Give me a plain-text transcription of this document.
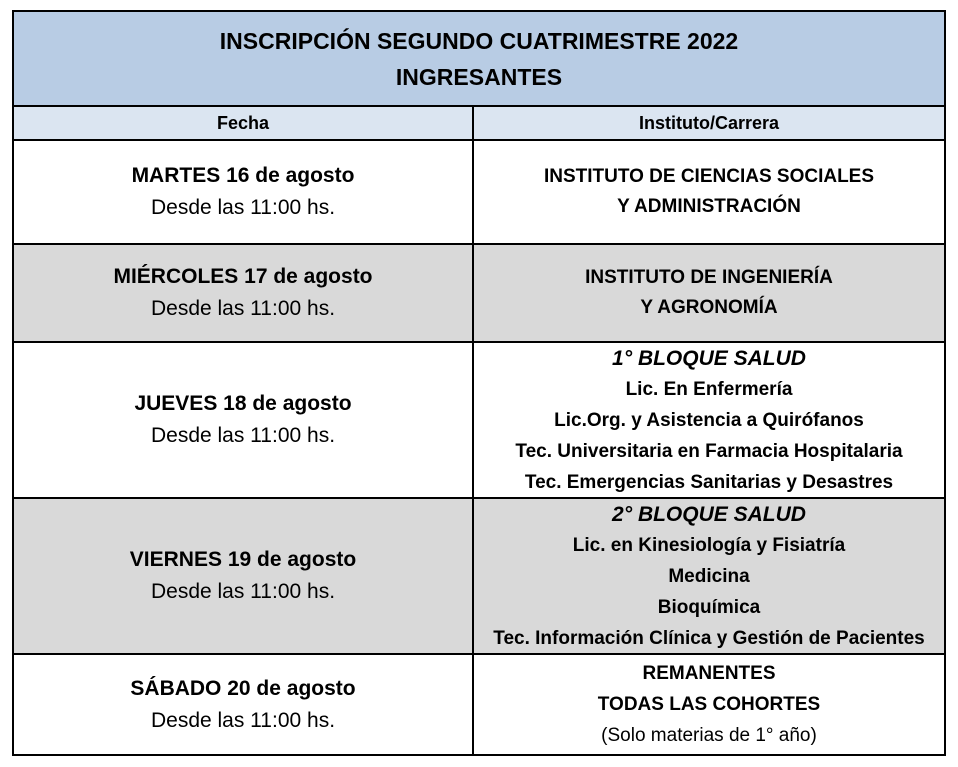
INSCRIPCIÓN SEGUNDO CUATRIMESTRE 2022
INGRESANTES
Fecha	Instituto/Carrera
MARTES 16 de agosto
Desde las 11:00 hs.
INSTITUTO DE CIENCIAS SOCIALES
Y ADMINISTRACIÓN
MIÉRCOLES 17 de agosto
Desde las 11:00 hs.
INSTITUTO DE INGENIERÍA
Y AGRONOMÍA
JUEVES 18 de agosto
Desde las 11:00 hs.
1° BLOQUE SALUD
Lic. En Enfermería
Lic.Org. y Asistencia a Quirófanos
Tec. Universitaria en Farmacia Hospitalaria
Tec. Emergencias Sanitarias y Desastres
VIERNES 19 de agosto
Desde las 11:00 hs.
2° BLOQUE SALUD
Lic. en Kinesiología y Fisiatría
Medicina
Bioquímica
Tec. Información Clínica y Gestión de Pacientes
SÁBADO 20 de agosto
Desde las 11:00 hs.
REMANENTES
TODAS LAS COHORTES
(Solo materias de 1° año)
